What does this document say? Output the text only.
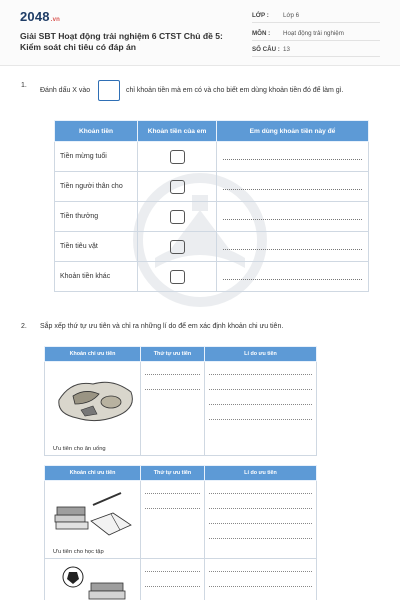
2048.vn
Giải SBT Hoạt động trải nghiệm 6 CTST Chủ đề 5: Kiểm soát chi tiêu có đáp án
LỚP : Lớp 6
MÔN : Hoạt động trải nghiệm
SỐ CÂU : 13
1.
Đánh dấu X vào	chỉ khoản tiền mà em có và cho biết em dùng khoản tiền đó để làm gì.
Khoản tiền	Khoản tiền của em	Em dùng khoản tiền này để
Tiền mừng tuổi	

Tiền người thân cho	

Tiền thưởng	

Tiền tiêu vặt	

Khoản tiền khác	

2. Sắp xếp thứ tự ưu tiên và chỉ ra những lí do để em xác định khoản chi ưu tiên.
Khoản chi ưu tiên	Thứ tự ưu tiên	Lí do ưu tiên

Ưu tiên cho ăn uống		

Khoản chi ưu tiên	Thứ tự ưu tiên	Lí do ưu tiên

Ưu tiên cho học tập		
